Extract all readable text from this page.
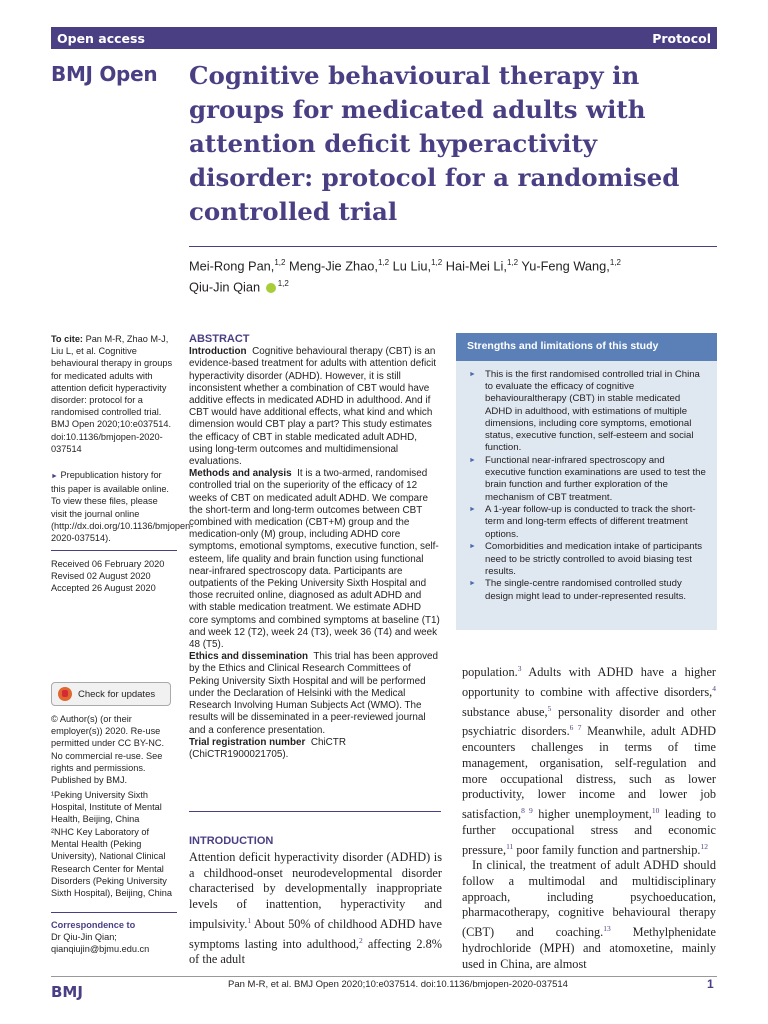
Open access	Protocol
BMJ Open Cognitive behavioural therapy in groups for medicated adults with attention deficit hyperactivity disorder: protocol for a randomised controlled trial
Mei-Rong Pan,$^{1,2}$ Meng-Jie Zhao,$^{1,2}$ Lu Liu,$^{1,2}$ Hai-Mei Li,$^{1,2}$ Yu-Feng Wang,$^{1,2}$
Qiu-Jin Qian $^{1,2}$
To cite: Pan M-R, Zhao M-J, Liu L, et al. Cognitive behavioural therapy in groups for medicated adults with attention deficit hyperactivity disorder: protocol for a randomised controlled trial. BMJ Open 2020;10:e037514. doi:10.1136/bmjopen-2020-037514
► Prepublication history for this paper is available online. To view these files, please visit the journal online (http://dx.doi.org/10.1136/bmjopen-2020-037514).
Received 06 February 2020
Revised 02 August 2020
Accepted 26 August 2020
Check for updates
© Author(s) (or their employer(s)) 2020. Re-use permitted under CC BY-NC. No commercial re-use. See rights and permissions. Published by BMJ.
¹Peking University Sixth Hospital, Institute of Mental Health, Beijing, China
²NHC Key Laboratory of Mental Health (Peking University), National Clinical Research Center for Mental Disorders (Peking University Sixth Hospital), Beijing, China
Correspondence to
Dr Qiu-Jin Qian;
qianqiujin@bjmu.edu.cn
ABSTRACT

Introduction Cognitive behavioural therapy (CBT) is an evidence-based treatment for adults with attention deficit hyperactivity disorder (ADHD). However, it is still inconsistent whether a combination of CBT would have additive effects in medicated ADHD in adulthood. And if CBT would have additional effects, what kind and which dimension would CBT play a part? This study estimates the efficacy of CBT in stable medicated adult ADHD, using long-term outcomes and multidimensional evaluations.

Methods and analysis It is a two-armed, randomised controlled trial on the superiority of the efficacy of 12 weeks of CBT on medicated adult ADHD. We compare the short-term and long-term outcomes between CBT combined with medication (CBT+M) group and the medication-only (M) group, including ADHD core symptoms, emotional symptoms, executive function, self-esteem, life quality and brain function using functional near-infrared spectroscopy data. Participants are outpatients of the Peking University Sixth Hospital and those recruited online, diagnosed as adult ADHD and with stable medication treatment. We estimate ADHD core symptoms and combined symptoms at baseline (T1) and week 12 (T2), week 24 (T3), week 36 (T4) and week 48 (T5).

Ethics and dissemination This trial has been approved by the Ethics and Clinical Research Committees of Peking University Sixth Hospital and will be performed under the Declaration of Helsinki with the Medical Research Involving Human Subjects Act (WMO). The results will be disseminated in a peer-reviewed journal and a conference presentation.

Trial registration number ChiCTR (ChiCTR1900021705).

INTRODUCTION
Attention deficit hyperactivity disorder (ADHD) is a childhood-onset neurodevelopmental disorder characterised by developmentally inappropriate levels of inattention, hyperactivity and impulsivity.$^1$ About 50% of childhood ADHD have symptoms lasting into adulthood,$^2$ affecting 2.8% of the adult
Strengths and limitations of this study
► This is the first randomised controlled trial in China to evaluate the efficacy of cognitive behaviouraltherapy (CBT) in stable medicated ADHD in adulthood, with estimations of multiple dimensions, including core symptoms, emotional status, executive function, self-esteem and social function.
► Functional near-infrared spectroscopy and executive function examinations are used to test the brain function and further exploration of the mechanism of CBT treatment.
► A 1-year follow-up is conducted to track the short-term and long-term effects of different treatment options.
► Comorbidities and medication intake of participants need to be strictly controlled to avoid biasing test results.
► The single-centre randomised controlled study design might lead to under-represented results.

population.$^3$ Adults with ADHD have a higher opportunity to combine with affective disorders,$^4$ substance abuse,$^5$ personality disorder and other psychiatric disorders.$^{6 7}$ Meanwhile, adult ADHD encounters challenges in terms of time management, organisation, self-regulation and more occupational distress, such as lower productivity, lower income and lower job satisfaction,$^{8 9}$ higher unemployment,$^{10}$ leading to further occupational stress and economic pressure,$^{11}$ poor family function and partnership.$^{12}$

In clinical, the treatment of adult ADHD should follow a multimodal and multidisciplinary approach, including psychoeducation, pharmacotherapy, cognitive behavioural therapy (CBT) and coaching.$^{13}$ Methylphenidate hydrochloride (MPH) and atomoxetine, mainly used in China, are almost

BMJ	Pan M-R, et al. BMJ Open 2020;10:e037514. doi:10.1136/bmjopen-2020-037514	1
